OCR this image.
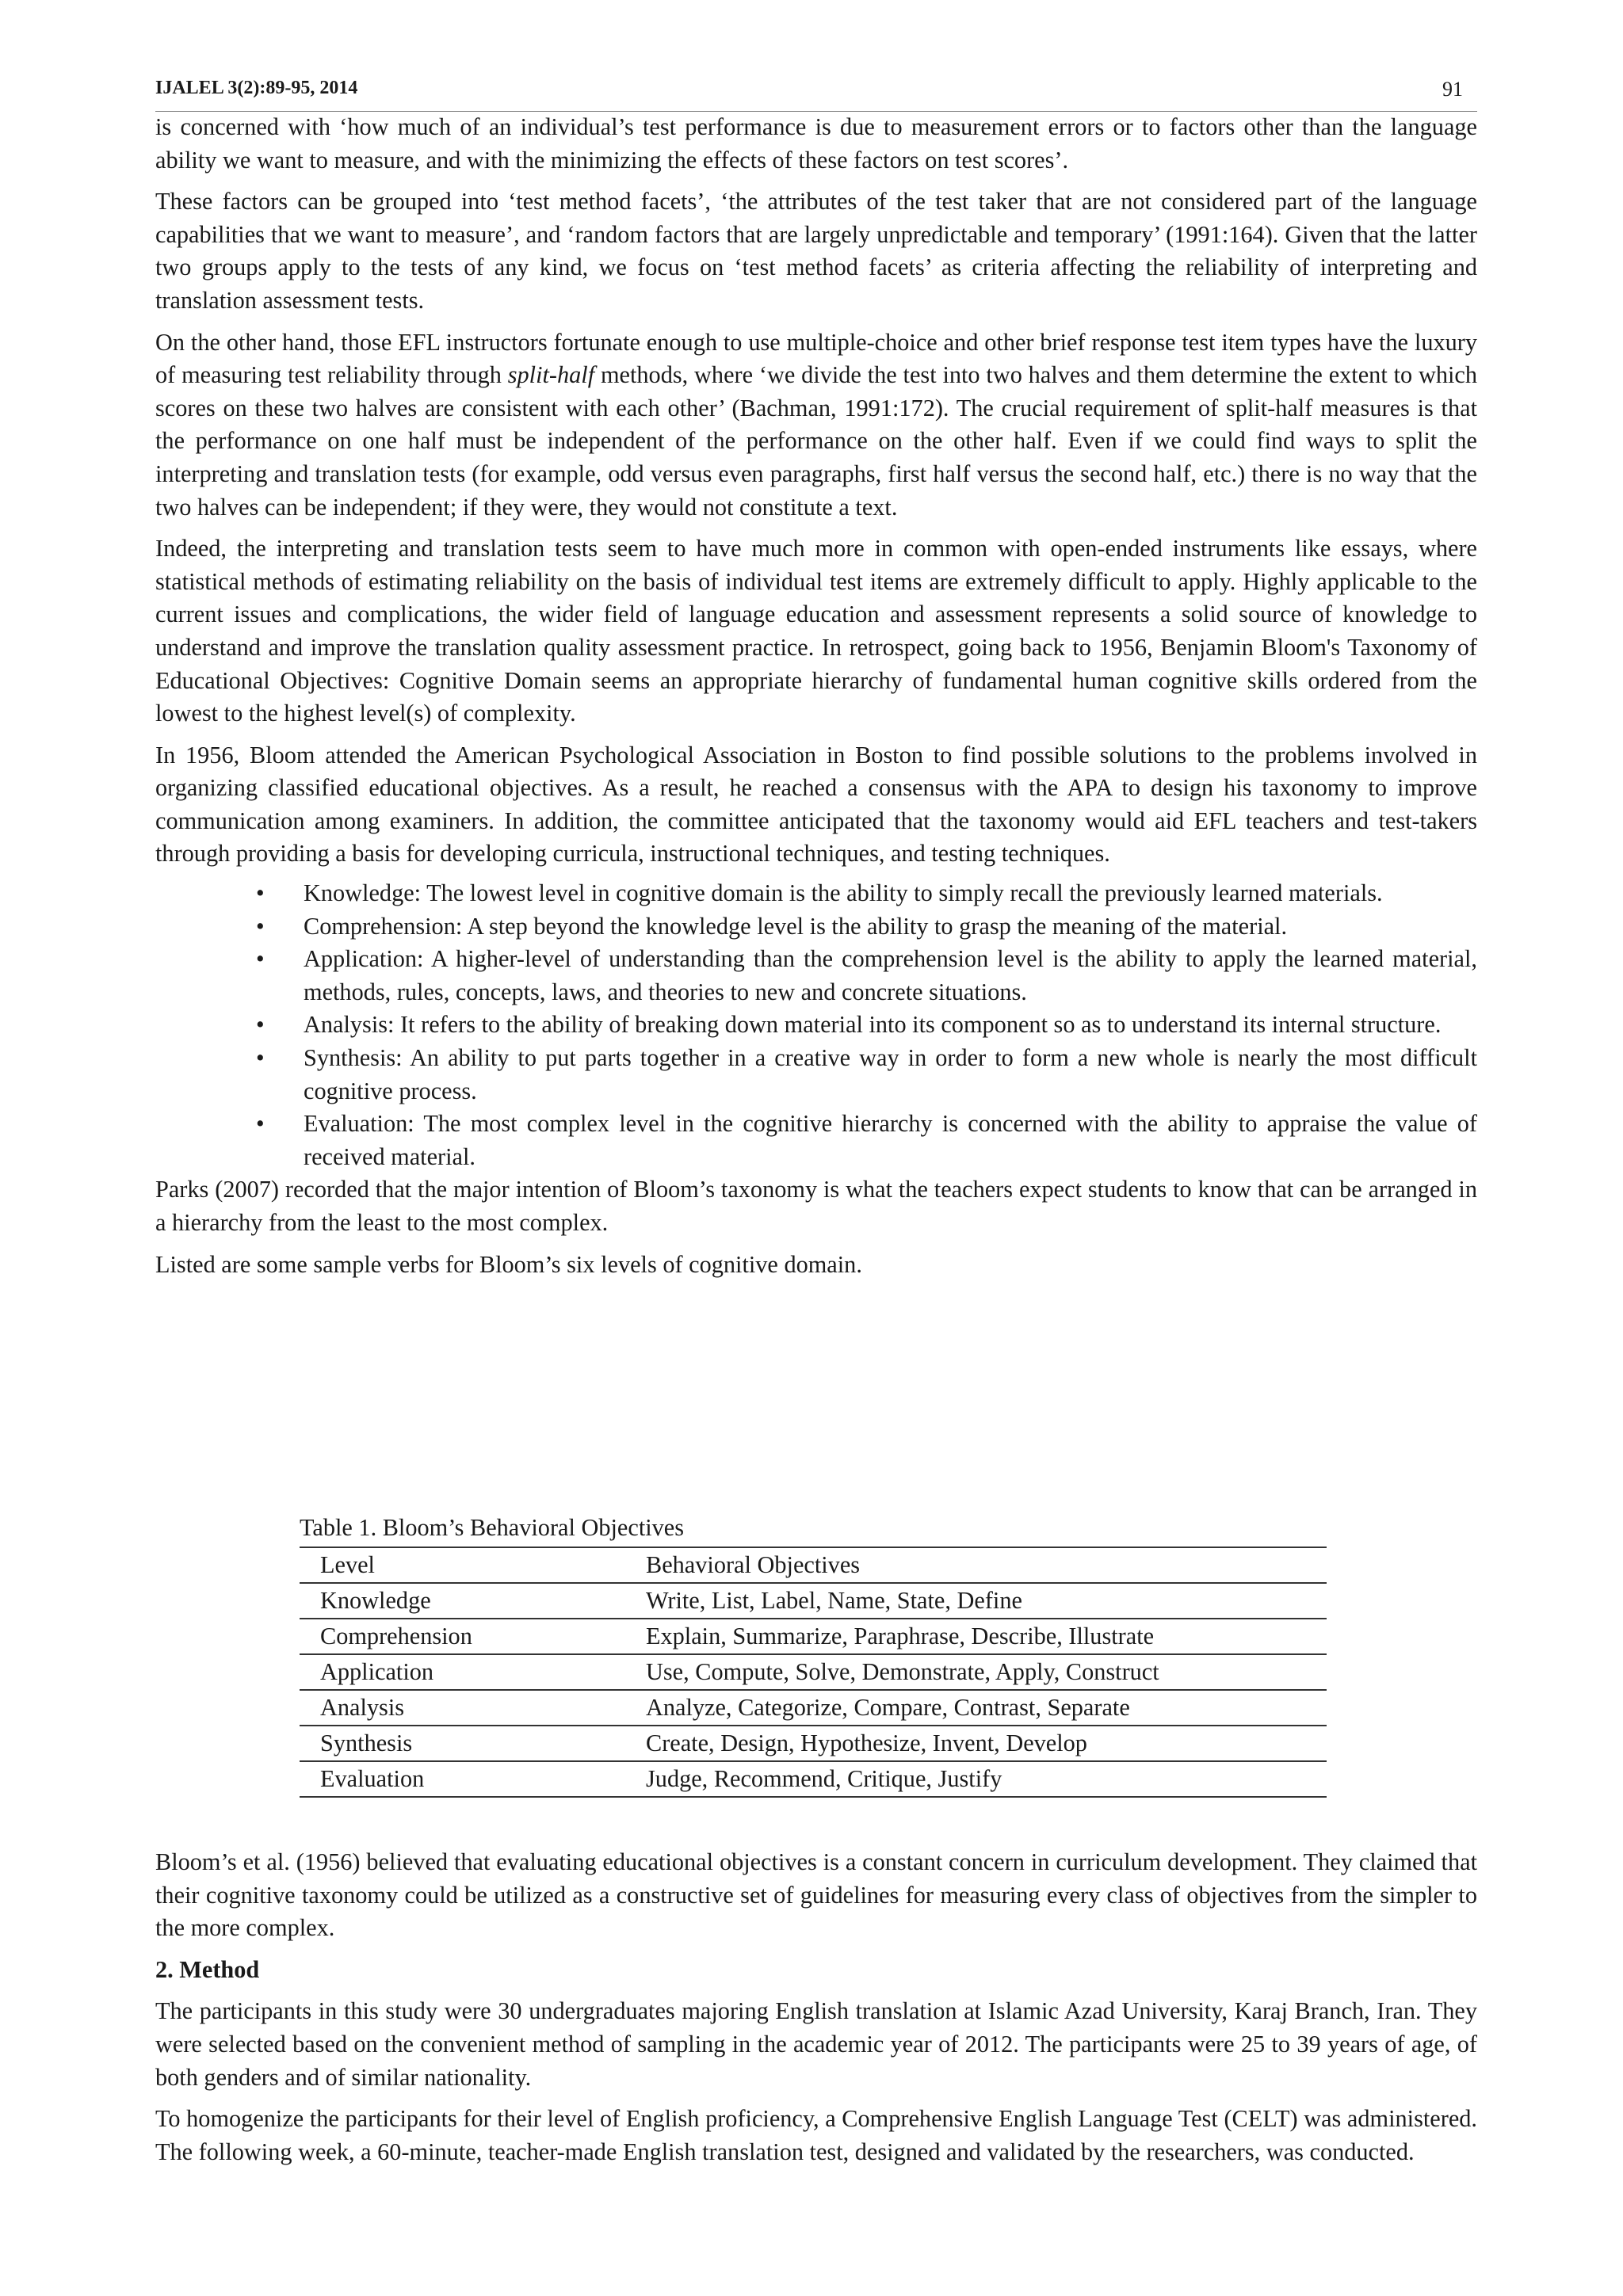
IJALEL 3(2):89-95, 2014	91

is concerned with ‘how much of an individual’s test performance is due to measurement errors or to factors other than the language ability we want to measure, and with the minimizing the effects of these factors on test scores’.

These factors can be grouped into ‘test method facets’, ‘the attributes of the test taker that are not considered part of the language capabilities that we want to measure’, and ‘random factors that are largely unpredictable and temporary’ (1991:164). Given that the latter two groups apply to the tests of any kind, we focus on ‘test method facets’ as criteria affecting the reliability of interpreting and translation assessment tests.

On the other hand, those EFL instructors fortunate enough to use multiple-choice and other brief response test item types have the luxury of measuring test reliability through split-half methods, where ‘we divide the test into two halves and them determine the extent to which scores on these two halves are consistent with each other’ (Bachman, 1991:172). The crucial requirement of split-half measures is that the performance on one half must be independent of the performance on the other half. Even if we could find ways to split the interpreting and translation tests (for example, odd versus even paragraphs, first half versus the second half, etc.) there is no way that the two halves can be independent; if they were, they would not constitute a text.

Indeed, the interpreting and translation tests seem to have much more in common with open-ended instruments like essays, where statistical methods of estimating reliability on the basis of individual test items are extremely difficult to apply. Highly applicable to the current issues and complications, the wider field of language education and assessment represents a solid source of knowledge to understand and improve the translation quality assessment practice. In retrospect, going back to 1956, Benjamin Bloom's Taxonomy of Educational Objectives: Cognitive Domain seems an appropriate hierarchy of fundamental human cognitive skills ordered from the lowest to the highest level(s) of complexity.

In 1956, Bloom attended the American Psychological Association in Boston to find possible solutions to the problems involved in organizing classified educational objectives. As a result, he reached a consensus with the APA to design his taxonomy to improve communication among examiners. In addition, the committee anticipated that the taxonomy would aid EFL teachers and test-takers through providing a basis for developing curricula, instructional techniques, and testing techniques.

• Knowledge: The lowest level in cognitive domain is the ability to simply recall the previously learned materials.
• Comprehension: A step beyond the knowledge level is the ability to grasp the meaning of the material.
• Application: A higher-level of understanding than the comprehension level is the ability to apply the learned material, methods, rules, concepts, laws, and theories to new and concrete situations.
• Analysis: It refers to the ability of breaking down material into its component so as to understand its internal structure.
• Synthesis: An ability to put parts together in a creative way in order to form a new whole is nearly the most difficult cognitive process.
• Evaluation: The most complex level in the cognitive hierarchy is concerned with the ability to appraise the value of received material.

Parks (2007) recorded that the major intention of Bloom’s taxonomy is what the teachers expect students to know that can be arranged in a hierarchy from the least to the most complex.

Listed are some sample verbs for Bloom’s six levels of cognitive domain.

Table 1. Bloom’s Behavioral Objectives
Level	Behavioral Objectives
Knowledge	Write, List, Label, Name, State, Define
Comprehension	Explain, Summarize, Paraphrase, Describe, Illustrate
Application	Use, Compute, Solve, Demonstrate, Apply, Construct
Analysis	Analyze, Categorize, Compare, Contrast, Separate
Synthesis	Create, Design, Hypothesize, Invent, Develop
Evaluation	Judge, Recommend, Critique, Justify

Bloom’s et al. (1956) believed that evaluating educational objectives is a constant concern in curriculum development. They claimed that their cognitive taxonomy could be utilized as a constructive set of guidelines for measuring every class of objectives from the simpler to the more complex.

2. Method

The participants in this study were 30 undergraduates majoring English translation at Islamic Azad University, Karaj Branch, Iran. They were selected based on the convenient method of sampling in the academic year of 2012. The participants were 25 to 39 years of age, of both genders and of similar nationality.

To homogenize the participants for their level of English proficiency, a Comprehensive English Language Test (CELT) was administered. The following week, a 60-minute, teacher-made English translation test, designed and validated by the researchers, was conducted.
